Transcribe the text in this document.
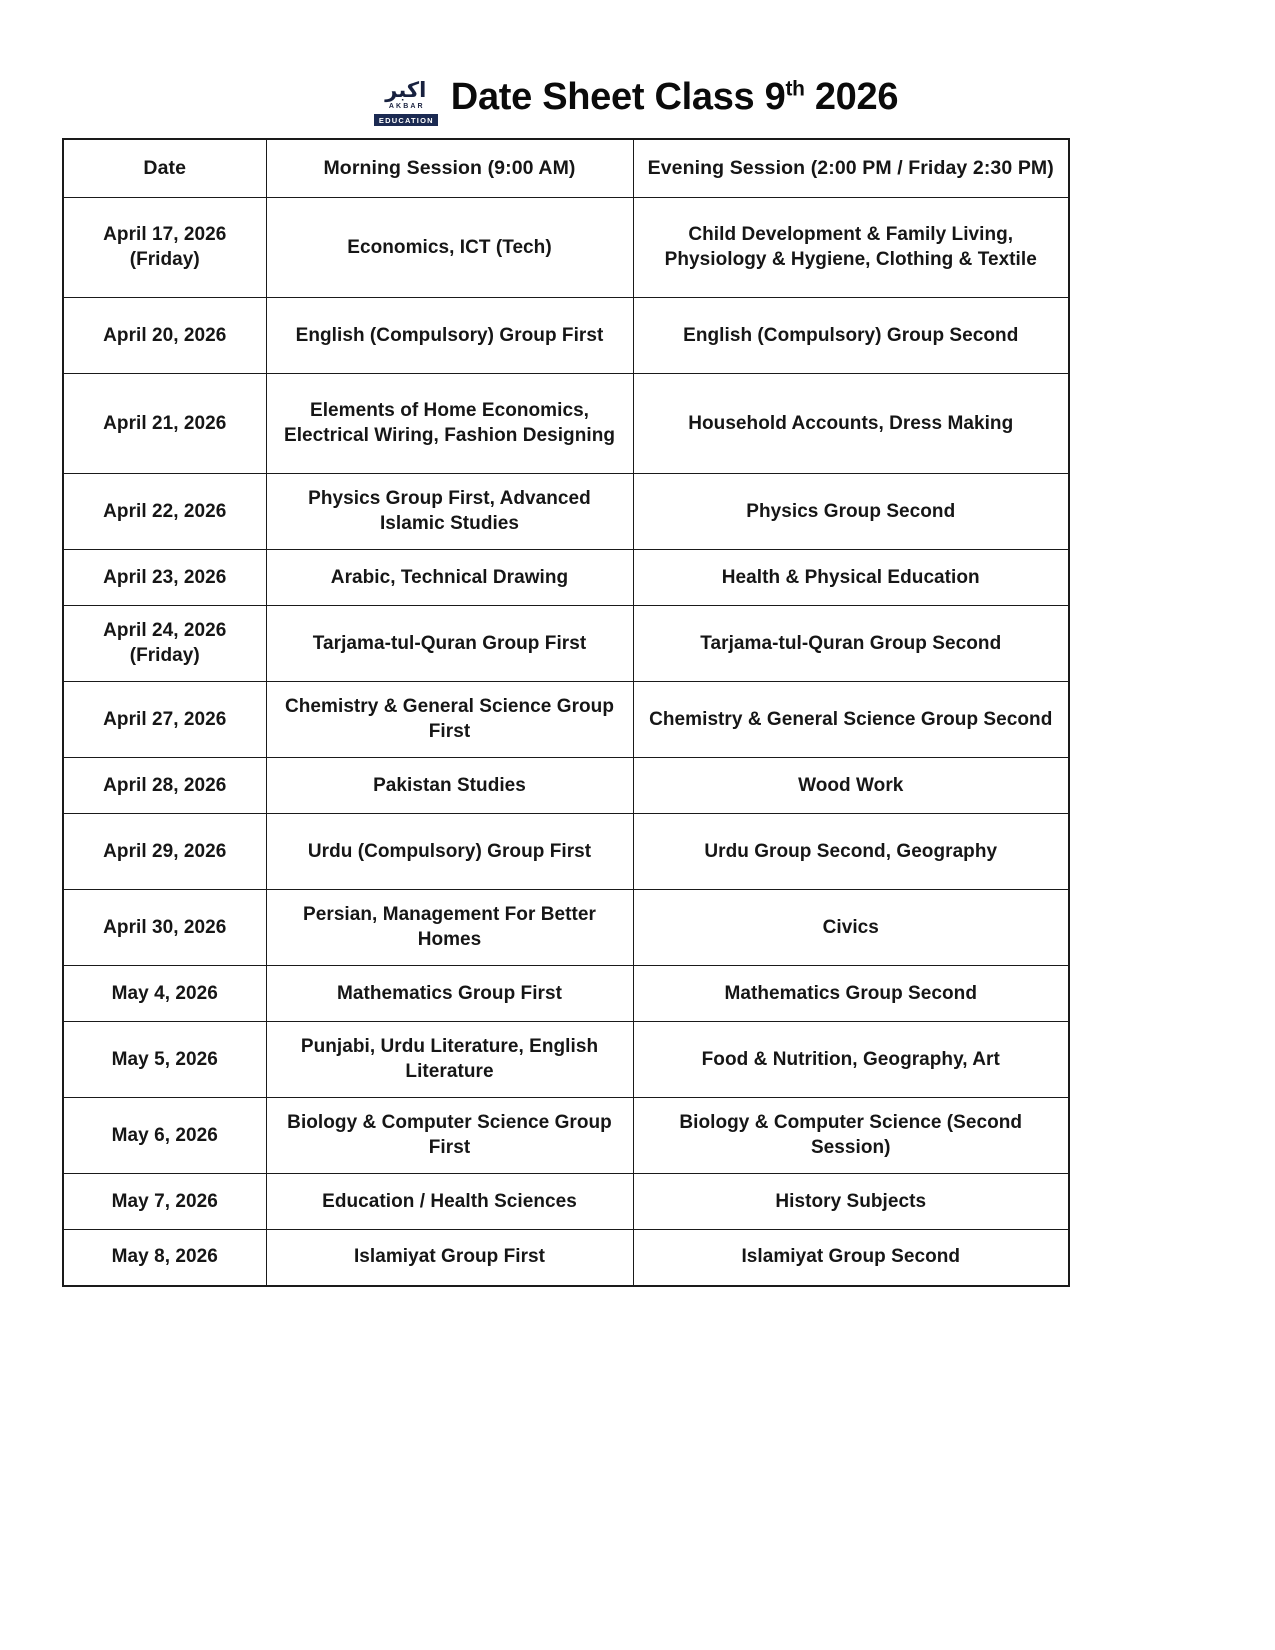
اکبر
AKBAR
EDUCATION
Date Sheet Class 9th 2026
Date	Morning Session (9:00 AM)	Evening Session (2:00 PM / Friday 2:30 PM)
April 17, 2026 (Friday)	Economics, ICT (Tech)	Child Development & Family Living, Physiology & Hygiene, Clothing & Textile
April 20, 2026	English (Compulsory) Group First	English (Compulsory) Group Second
April 21, 2026	Elements of Home Economics, Electrical Wiring, Fashion Designing	Household Accounts, Dress Making
April 22, 2026	Physics Group First, Advanced Islamic Studies	Physics Group Second
April 23, 2026	Arabic, Technical Drawing	Health & Physical Education
April 24, 2026 (Friday)	Tarjama-tul-Quran Group First	Tarjama-tul-Quran Group Second
April 27, 2026	Chemistry & General Science Group First	Chemistry & General Science Group Second
April 28, 2026	Pakistan Studies	Wood Work
April 29, 2026	Urdu (Compulsory) Group First	Urdu Group Second, Geography
April 30, 2026	Persian, Management For Better Homes	Civics
May 4, 2026	Mathematics Group First	Mathematics Group Second
May 5, 2026	Punjabi, Urdu Literature, English Literature	Food & Nutrition, Geography, Art
May 6, 2026	Biology & Computer Science Group First	Biology & Computer Science (Second Session)
May 7, 2026	Education / Health Sciences	History Subjects
May 8, 2026	Islamiyat Group First	Islamiyat Group Second
